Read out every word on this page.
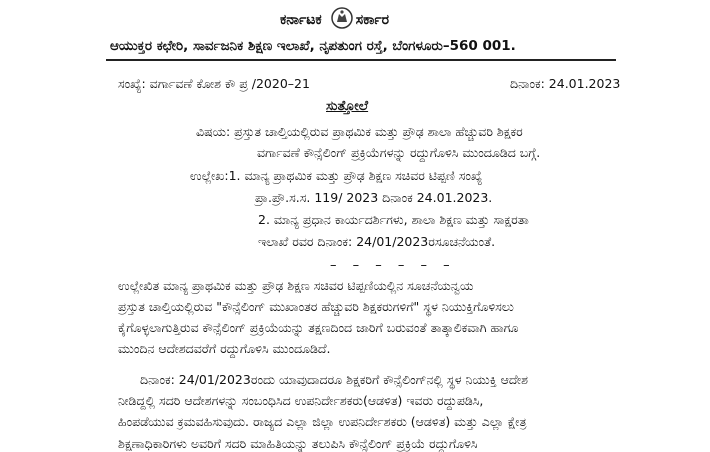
ಕರ್ನಾಟಕ ಸರ್ಕಾರ
ಆಯುಕ್ತರ ಕಛೇರಿ, ಸಾರ್ವಜನಿಕ ಶಿಕ್ಷಣ ಇಲಾಖೆ, ನೃಪತುಂಗ ರಸ್ತೆ, ಬೆಂಗಳೂರು–560 001.
ಸಂಖ್ಯೆ: ವರ್ಗಾವಣೆ ಕೋಶ ಕೌ ಪ್ರ /2020–21	ದಿನಾಂಕ: 24.01.2023
ಸುತ್ತೋಲೆ
ವಿಷಯ: ಪ್ರಸ್ತುತ ಚಾಲ್ತಿಯಲ್ಲಿರುವ ಪ್ರಾಥಮಿಕ ಮತ್ತು ಪ್ರೌಢ ಶಾಲಾ ಹೆಚ್ಚುವರಿ ಶಿಕ್ಷಕರ
ವರ್ಗಾವಣೆ ಕೌನ್ಸೆಲಿಂಗ್ ಪ್ರಕ್ರಿಯೆಗಳನ್ನು ರದ್ದುಗೊಳಿಸಿ ಮುಂದೂಡಿದ ಬಗ್ಗೆ.
ಉಲ್ಲೇಖ:1. ಮಾನ್ಯ ಪ್ರಾಥಮಿಕ ಮತ್ತು ಪ್ರೌಢ ಶಿಕ್ಷಣ ಸಚಿವರ ಟಿಪ್ಪಣಿ ಸಂಖ್ಯೆ
ಪ್ರಾ.ಪ್ರೌ.ಸ.ಸ. 119/ 2023 ದಿನಾಂಕ 24.01.2023.
2. ಮಾನ್ಯ ಪ್ರಧಾನ ಕಾರ್ಯದರ್ಶಿಗಳು, ಶಾಲಾ ಶಿಕ್ಷಣ ಮತ್ತು ಸಾಕ್ಷರತಾ
ಇಲಾಖೆ ರವರ ದಿನಾಂಕ: 24/01/2023ರಸೂಚನೆಯಂತೆ.
– – – – – –
ಉಲ್ಲೇಖಿತ ಮಾನ್ಯ ಪ್ರಾಥಮಿಕ ಮತ್ತು ಪ್ರೌಢ ಶಿಕ್ಷಣ ಸಚಿವರ ಟಿಪ್ಪಣಿಯಲ್ಲಿನ ಸೂಚನೆಯನ್ವಯ
ಪ್ರಸ್ತುತ ಚಾಲ್ತಿಯಲ್ಲಿರುವ "ಕೌನ್ಸೆಲಿಂಗ್ ಮುಖಾಂತರ ಹೆಚ್ಚುವರಿ ಶಿಕ್ಷಕರುಗಳಿಗೆ" ಸ್ಥಳ ನಿಯುಕ್ತಿಗೊಳಿಸಲು
ಕೈಗೊಳ್ಳಲಾಗುತ್ತಿರುವ ಕೌನ್ಸೆಲಿಂಗ್ ಪ್ರಕ್ರಿಯೆಯನ್ನು ತಕ್ಷಣದಿಂದ ಜಾರಿಗೆ ಬರುವಂತೆ ತಾತ್ಕಾಲಿಕವಾಗಿ ಹಾಗೂ
ಮುಂದಿನ ಆದೇಶದವರೆಗೆ ರದ್ದುಗೊಳಿಸಿ ಮುಂದೂಡಿದೆ.
ದಿನಾಂಕ: 24/01/2023ರಂದು ಯಾವುದಾದರೂ ಶಿಕ್ಷಕರಿಗೆ ಕೌನ್ಸೆಲಿಂಗ್‌ನಲ್ಲಿ ಸ್ಥಳ ನಿಯುಕ್ತಿ ಆದೇಶ
ನೀಡಿದ್ದಲ್ಲಿ ಸದರಿ ಆದೇಶಗಳನ್ನು ಸಂಬಂಧಿಸಿದ ಉಪನಿರ್ದೇಶಕರು(ಆಡಳಿತ) ಇವರು ರದ್ದುಪಡಿಸಿ,
ಹಿಂಪಡೆಯುವ ಕ್ರಮವಹಿಸುವುದು. ರಾಜ್ಯದ ಎಲ್ಲಾ ಜಿಲ್ಲಾ ಉಪನಿರ್ದೇಶಕರು (ಆಡಳಿತ) ಮತ್ತು ಎಲ್ಲಾ ಕ್ಷೇತ್ರ
ಶಿಕ್ಷಣಾಧಿಕಾರಿಗಳು ಅವರಿಗೆ ಸದರಿ ಮಾಹಿತಿಯನ್ನು ತಲುಪಿಸಿ ಕೌನ್ಸೆಲಿಂಗ್ ಪ್ರಕ್ರಿಯೆ ರದ್ದುಗೊಳಿಸಿ
